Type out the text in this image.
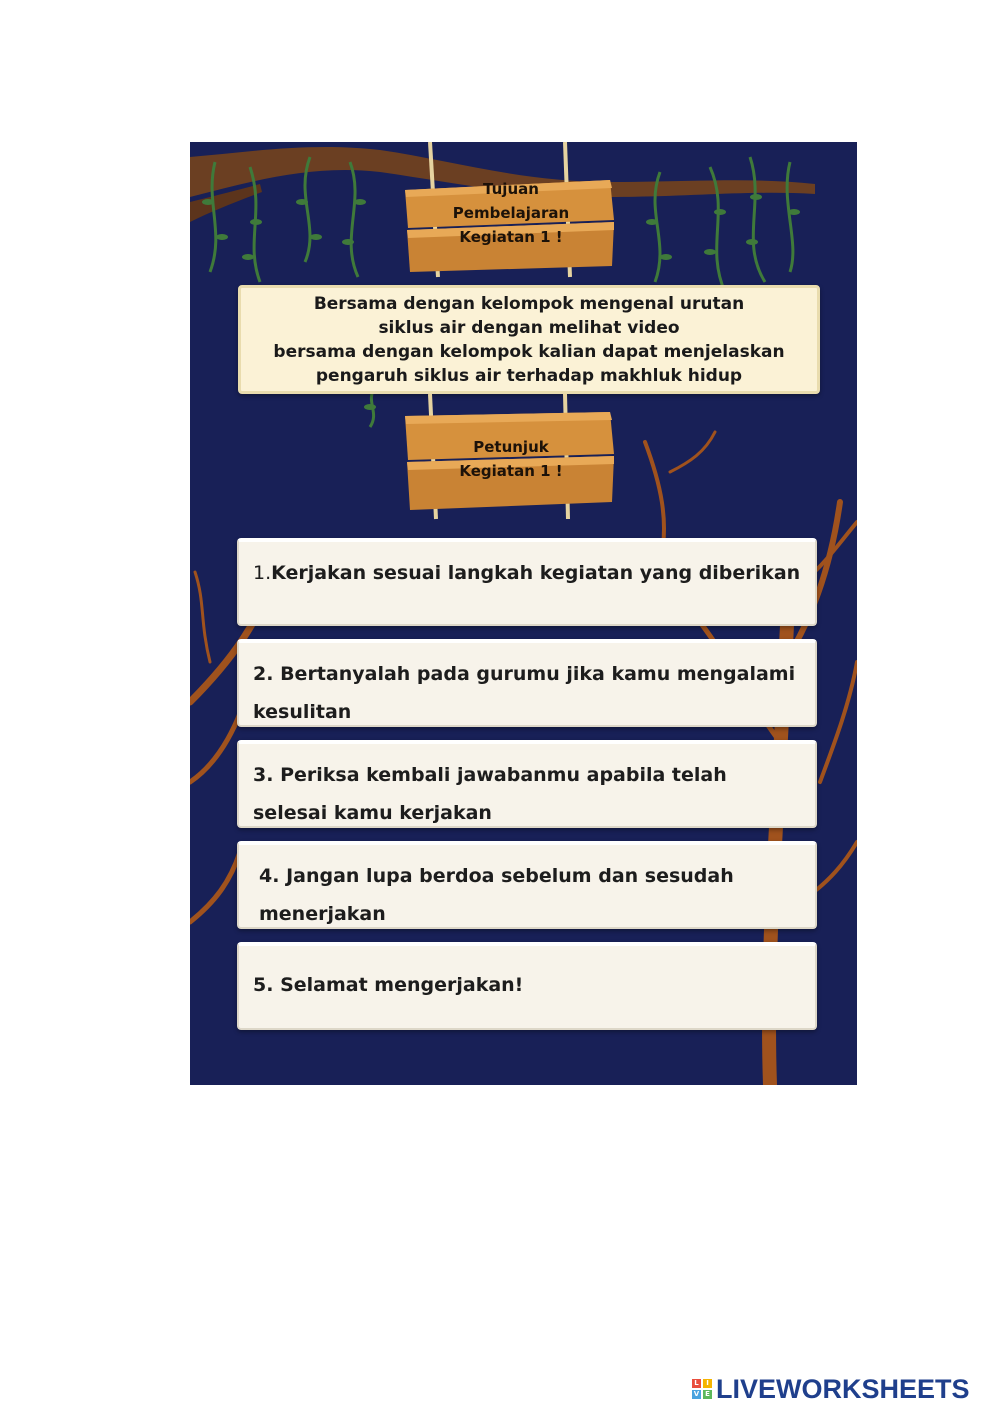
Tujuan
Pembelajaran
Kegiatan 1 !
Bersama dengan kelompok mengenal urutan
siklus air dengan melihat video
bersama dengan kelompok kalian dapat menjelaskan
pengaruh siklus air terhadap makhluk hidup
Petunjuk
Kegiatan 1 !
1.Kerjakan sesuai langkah kegiatan yang diberikan
2. Bertanyalah pada gurumu jika kamu mengalami kesulitan
3. Periksa kembali jawabanmu apabila telah selesai kamu kerjakan
4. Jangan lupa berdoa sebelum dan sesudah menerjakan
5. Selamat mengerjakan!
L	I
V E LIVEWORKSHEETS
